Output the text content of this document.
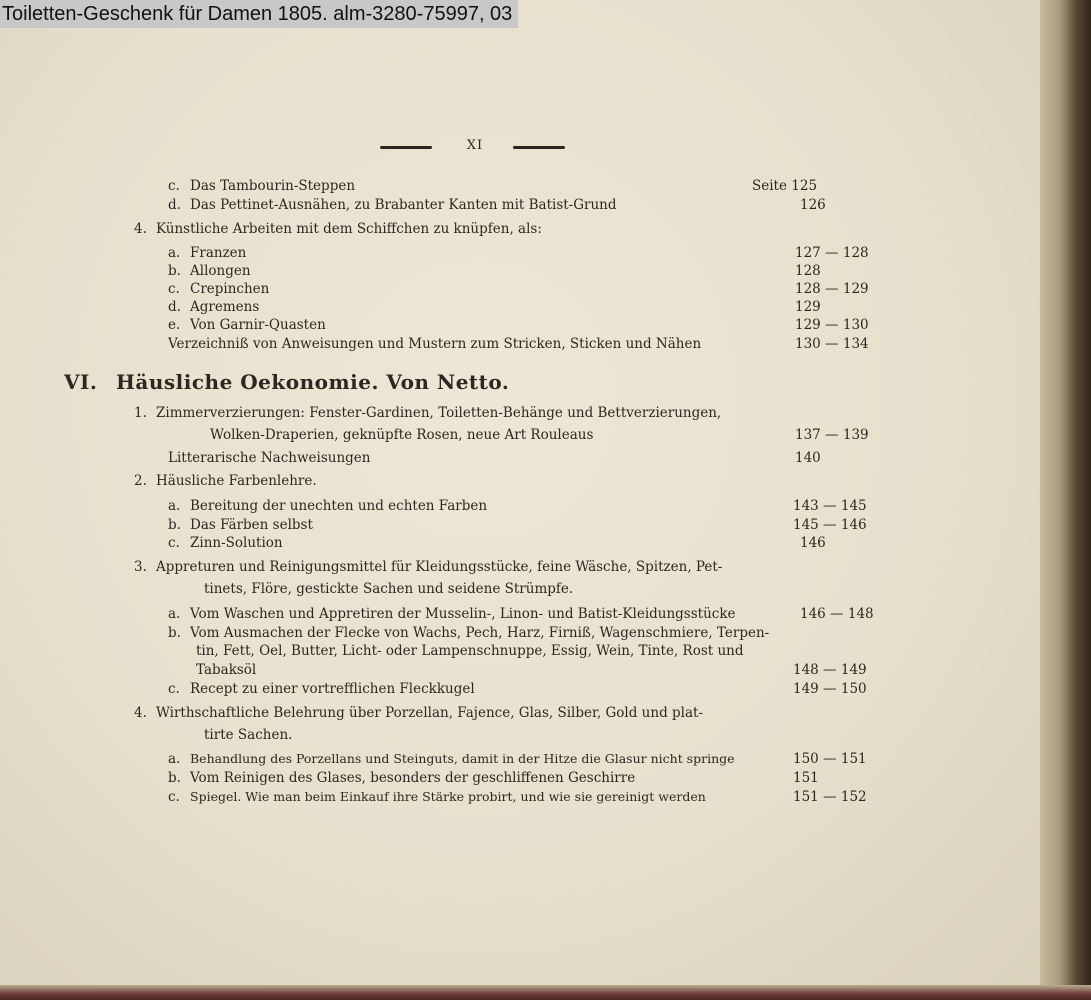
Toiletten-Geschenk für Damen 1805. alm-3280-75997, 03
XI
c. Das Tambourin-Steppen	Seite 125
d. Das Pettinet-Ausnähen, zu Brabanter Kanten mit Batist-Grund	126
4. Künstliche Arbeiten mit dem Schiffchen zu knüpfen, als:
a. Franzen	127 — 128
b. Allongen	128
c. Crepinchen	128 — 129
d. Agremens	129
e. Von Garnir-Quasten	129 — 130
Verzeichniß von Anweisungen und Mustern zum Stricken, Sticken und Nähen	130 — 134
VI. Häusliche Oekonomie. Von Netto.
1. Zimmerverzierungen: Fenster-Gardinen, Toiletten-Behänge und Bettverzierungen,
Wolken-Draperien, geknüpfte Rosen, neue Art Rouleaus	137 — 139
Litterarische Nachweisungen	140
2. Häusliche Farbenlehre.
a. Bereitung der unechten und echten Farben	143 — 145
b. Das Färben selbst	145 — 146
c. Zinn-Solution	146
3. Appreturen und Reinigungsmittel für Kleidungsstücke, feine Wäsche, Spitzen, Pet-
tinets, Flöre, gestickte Sachen und seidene Strümpfe.
a. Vom Waschen und Appretiren der Musselin-, Linon- und Batist-Kleidungsstücke	146 — 148
b. Vom Ausmachen der Flecke von Wachs, Pech, Harz, Firniß, Wagenschmiere, Terpen-
tin, Fett, Oel, Butter, Licht- oder Lampenschnuppe, Essig, Wein, Tinte, Rost und
Tabaksöl	148 — 149
c. Recept zu einer vortrefflichen Fleckkugel	149 — 150
4. Wirthschaftliche Belehrung über Porzellan, Fajence, Glas, Silber, Gold und plat-
tirte Sachen.
a. Behandlung des Porzellans und Steinguts, damit in der Hitze die Glasur nicht springe	150 — 151
b. Vom Reinigen des Glases, besonders der geschliffenen Geschirre	151
c. Spiegel. Wie man beim Einkauf ihre Stärke probirt, und wie sie gereinigt werden	151 — 152
